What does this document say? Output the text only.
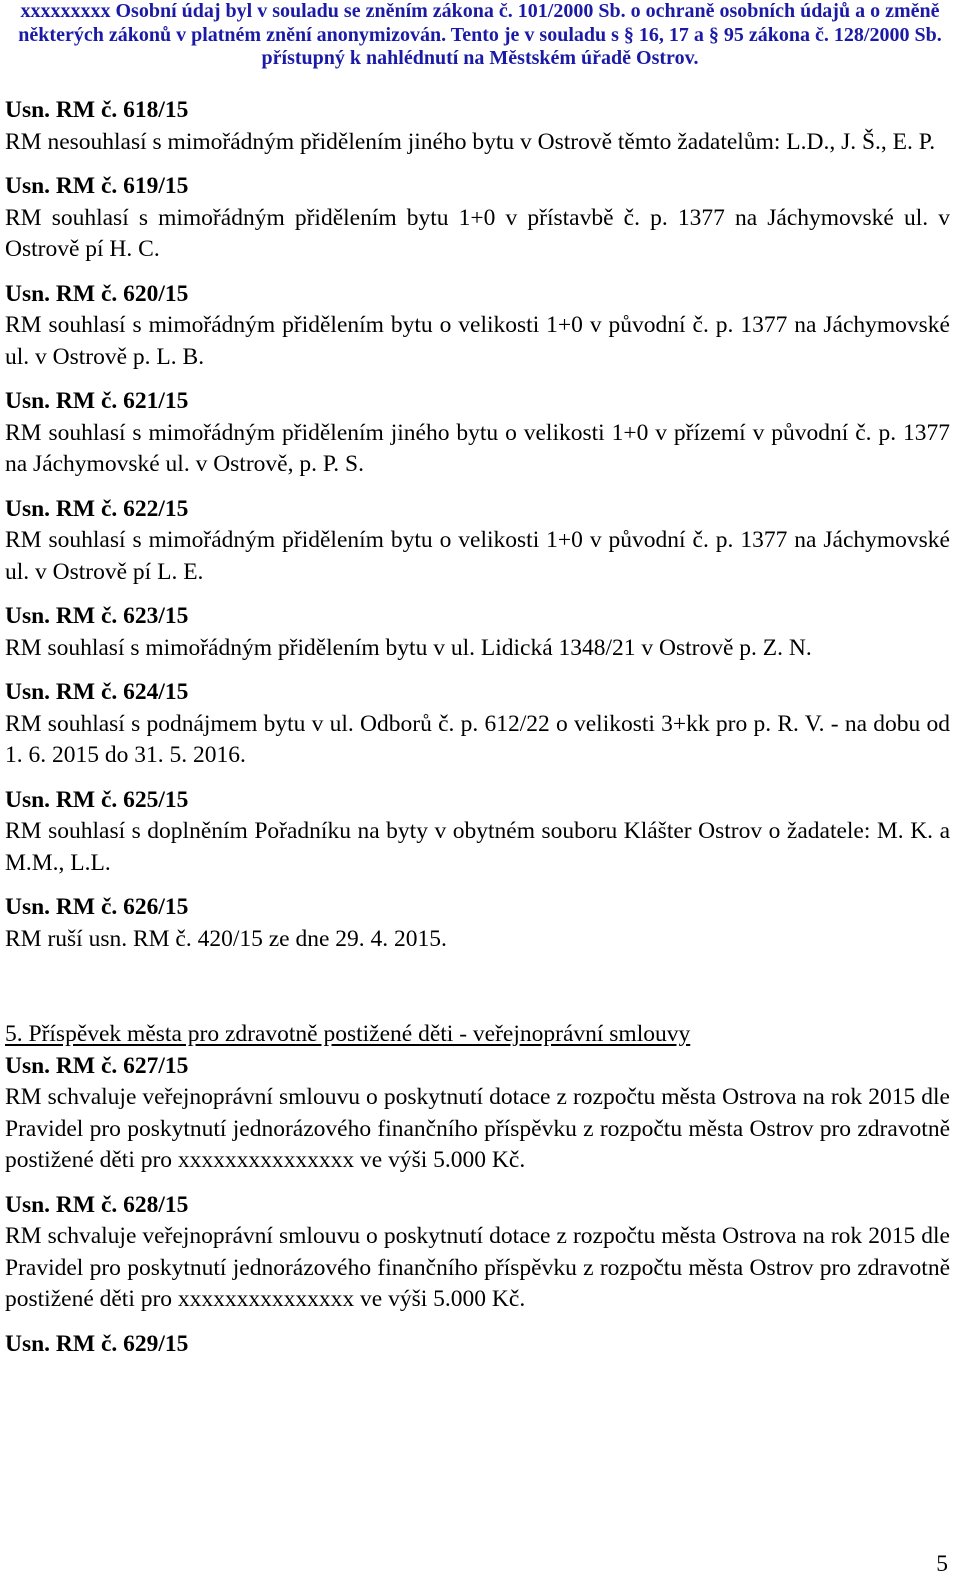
xxxxxxxxx Osobní údaj byl v souladu se zněním zákona č. 101/2000 Sb. o ochraně osobních údajů a o změně
některých zákonů v platném znění anonymizován. Tento je v souladu s § 16, 17 a § 95 zákona č. 128/2000 Sb.
přístupný k nahlédnutí na Městském úřadě Ostrov.
Usn. RM č. 618/15
RM nesouhlasí s mimořádným přidělením jiného bytu v Ostrově těmto žadatelům: L.D., J. Š., E. P.
Usn. RM č. 619/15
RM souhlasí s mimořádným přidělením bytu 1+0 v přístavbě č. p. 1377 na Jáchymovské ul. v Ostrově pí H. C.
Usn. RM č. 620/15
RM souhlasí s mimořádným přidělením bytu o velikosti 1+0 v původní č. p. 1377 na Jáchymovské ul. v Ostrově p. L. B.
Usn. RM č. 621/15
RM souhlasí s mimořádným přidělením jiného bytu o velikosti 1+0 v přízemí v původní č. p. 1377 na Jáchymovské ul. v Ostrově, p. P. S.
Usn. RM č. 622/15
RM souhlasí s mimořádným přidělením bytu o velikosti 1+0 v původní č. p. 1377 na Jáchymovské ul. v Ostrově pí L. E.
Usn. RM č. 623/15
RM souhlasí s mimořádným přidělením bytu v ul. Lidická 1348/21 v Ostrově p. Z. N.
Usn. RM č. 624/15
RM souhlasí s podnájmem bytu v ul. Odborů č. p. 612/22 o velikosti 3+kk pro p. R. V. - na dobu od 1. 6. 2015 do 31. 5. 2016.
Usn. RM č. 625/15
RM souhlasí s doplněním Pořadníku na byty v obytném souboru Klášter Ostrov o žadatele: M. K. a M.M., L.L.
Usn. RM č. 626/15
RM ruší usn. RM č. 420/15 ze dne 29. 4. 2015.
5. Příspěvek města pro zdravotně postižené děti - veřejnoprávní smlouvy
Usn. RM č. 627/15
RM schvaluje veřejnoprávní smlouvu o poskytnutí dotace z rozpočtu města Ostrova na rok 2015 dle Pravidel pro poskytnutí jednorázového finančního příspěvku z rozpočtu města Ostrov pro zdravotně postižené děti pro xxxxxxxxxxxxxxx ve výši 5.000 Kč.
Usn. RM č. 628/15
RM schvaluje veřejnoprávní smlouvu o poskytnutí dotace z rozpočtu města Ostrova na rok 2015 dle Pravidel pro poskytnutí jednorázového finančního příspěvku z rozpočtu města Ostrov pro zdravotně postižené děti pro xxxxxxxxxxxxxxx ve výši 5.000 Kč.
Usn. RM č. 629/15
5
